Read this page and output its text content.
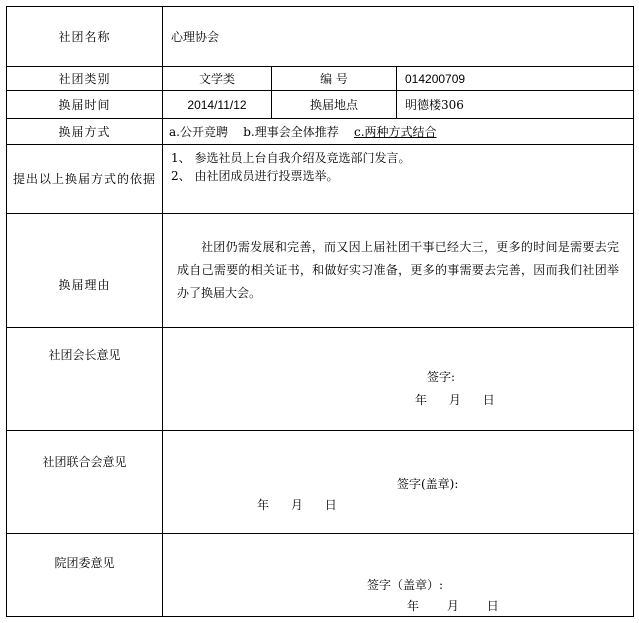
社团名称	心理协会		
社团类别	文学类	编 号	014200709
换届时间	2014/11/12	换届地点	明德楼306
换届方式	a.公开竞聘 b.理事会全体推荐 c.两种方式结合		
提出以上换届方式的依据	1、 参选社员上台自我介绍及竞选部门发言。
2、 由社团成员进行投票选举。		

换届理由	社团仍需发展和完善，而又因上届社团干事已经大三，更多的时间是需要去完成自己需要的相关证书，和做好实习准备，更多的事需要去完善，因而我们社团举办了换届大会。		

社团会长意见	签字:
年 月 日		

社团联合会意见	签字(盖章):
年 月 日		

院团委意见	签字（盖章）:
年 月 日		
